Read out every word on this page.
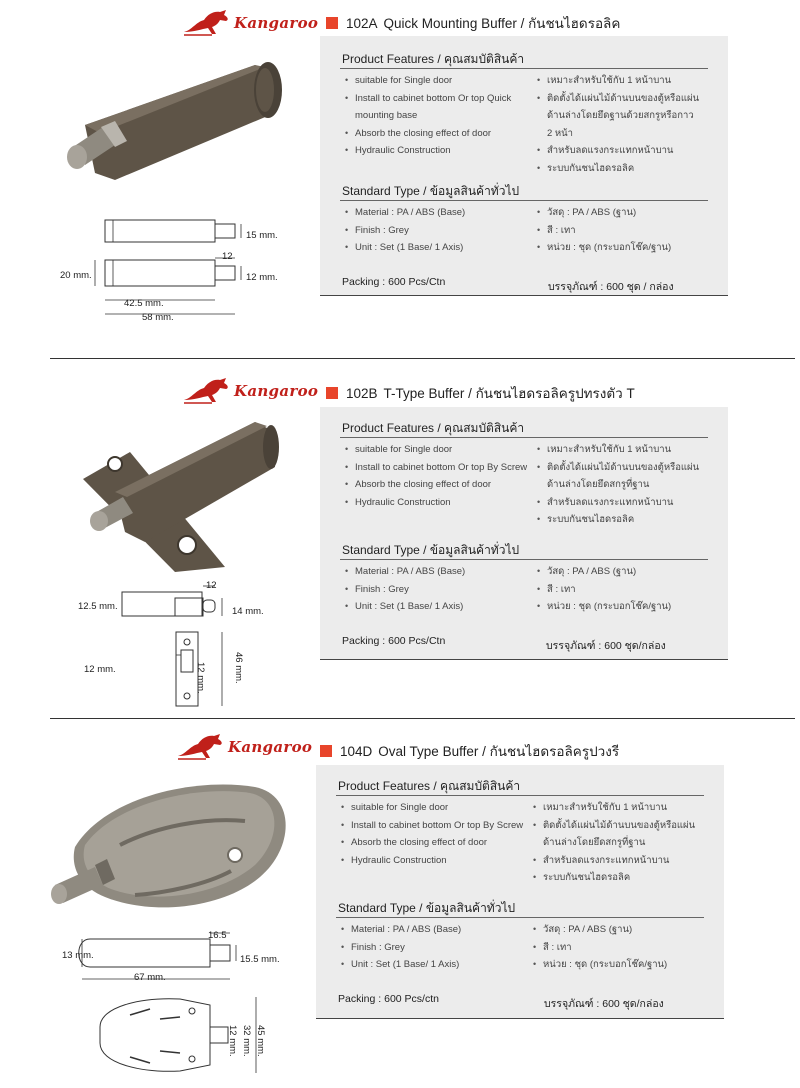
Kangaroo 102A Quick Mounting Buffer / กันชนไฮดรอลิค
Product Features / คุณสมบัติสินค้า
• suitable for Single door
• Install to cabinet bottom Or top Quick
mounting base
• Absorb the closing effect of door
• Hydraulic Construction
• เหมาะสำหรับใช้กับ 1 หน้าบาน
• ติดตั้งได้แผ่นไม้ด้านบนของตู้หรือแผ่น
ด้านล่างโดยยึดฐานด้วยสกรูหรือกาว
2 หน้า
• สำหรับลดแรงกระแทกหน้าบาน
• ระบบกันชนไฮดรอลิค
Standard Type / ข้อมูลสินค้าทั่วไป
• Material : PA / ABS (Base)
• Finish : Grey
• Unit : Set (1 Base/ 1 Axis)
• วัสดุ : PA / ABS (ฐาน)
• สี : เทา
• หน่วย : ชุด (กระบอกโช๊ค/ฐาน)
Packing : 600 Pcs/Ctn	บรรจุภัณฑ์ : 600 ชุด / กล่อง
15 mm.
12
12 mm.
20 mm.
42.5 mm.
58 mm.
Kangaroo 102B T-Type Buffer / กันชนไฮดรอลิครูปทรงตัว T
Product Features / คุณสมบัติสินค้า
• suitable for Single door
• Install to cabinet bottom Or top By Screw
• Absorb the closing effect of door
• Hydraulic Construction
• เหมาะสำหรับใช้กับ 1 หน้าบาน
• ติดตั้งได้แผ่นไม้ด้านบนของตู้หรือแผ่น
ด้านล่างโดยยึดสกรูที่ฐาน
• สำหรับลดแรงกระแทกหน้าบาน
• ระบบกันชนไฮดรอลิค
Standard Type / ข้อมูลสินค้าทั่วไป
• Material : PA / ABS (Base)
• Finish : Grey
• Unit : Set (1 Base/ 1 Axis)
• วัสดุ : PA / ABS (ฐาน)
• สี : เทา
• หน่วย : ชุด (กระบอกโช๊ค/ฐาน)
Packing : 600 Pcs/Ctn	บรรจุภัณฑ์ : 600 ชุด/กล่อง
12
12.5 mm.	14 mm.
12 mm.	12 mm.	46 mm.
Kangaroo 104D Oval Type Buffer / กันชนไฮดรอลิครูปวงรี
Product Features / คุณสมบัติสินค้า
• suitable for Single door
• Install to cabinet bottom Or top By Screw
• Absorb the closing effect of door
• Hydraulic Construction
• เหมาะสำหรับใช้กับ 1 หน้าบาน
• ติดตั้งได้แผ่นไม้ด้านบนของตู้หรือแผ่น
ด้านล่างโดยยึดสกรูที่ฐาน
• สำหรับลดแรงกระแทกหน้าบาน
• ระบบกันชนไฮดรอลิค
Standard Type / ข้อมูลสินค้าทั่วไป
• Material : PA / ABS (Base)
• Finish : Grey
• Unit : Set (1 Base/ 1 Axis)
• วัสดุ : PA / ABS (ฐาน)
• สี : เทา
• หน่วย : ชุด (กระบอกโช๊ค/ฐาน)
Packing : 600 Pcs/ctn	บรรจุภัณฑ์ : 600 ชุด/กล่อง
16.5
13 mm.	15.5 mm.
67 mm.
12 mm. 32 mm. 45 mm.
